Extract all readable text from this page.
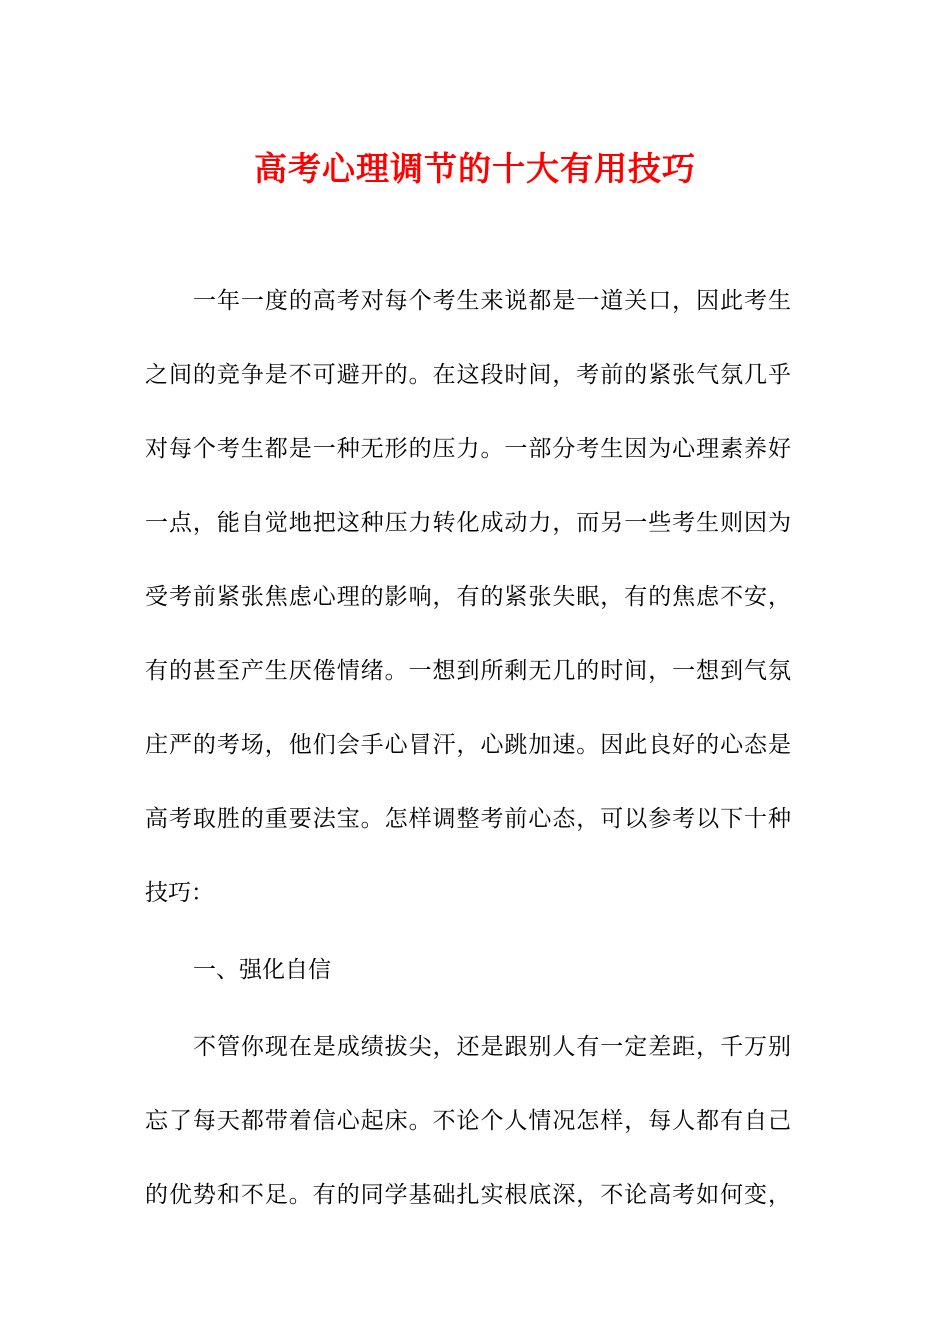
高考心理调节的十大有用技巧

一年一度的高考对每个考生来说都是一道关口，因此考生

之间的竞争是不可避开的。在这段时间，考前的紧张气氛几乎

对每个考生都是一种无形的压力。一部分考生因为心理素养好

一点，能自觉地把这种压力转化成动力，而另一些考生则因为

受考前紧张焦虑心理的影响，有的紧张失眠，有的焦虑不安，

有的甚至产生厌倦情绪。一想到所剩无几的时间，一想到气氛

庄严的考场，他们会手心冒汗，心跳加速。因此良好的心态是

高考取胜的重要法宝。怎样调整考前心态，可以参考以下十种

技巧：

一、强化自信

不管你现在是成绩拔尖，还是跟别人有一定差距，千万别

忘了每天都带着信心起床。不论个人情况怎样，每人都有自己

的优势和不足。有的同学基础扎实根底深，不论高考如何变，
